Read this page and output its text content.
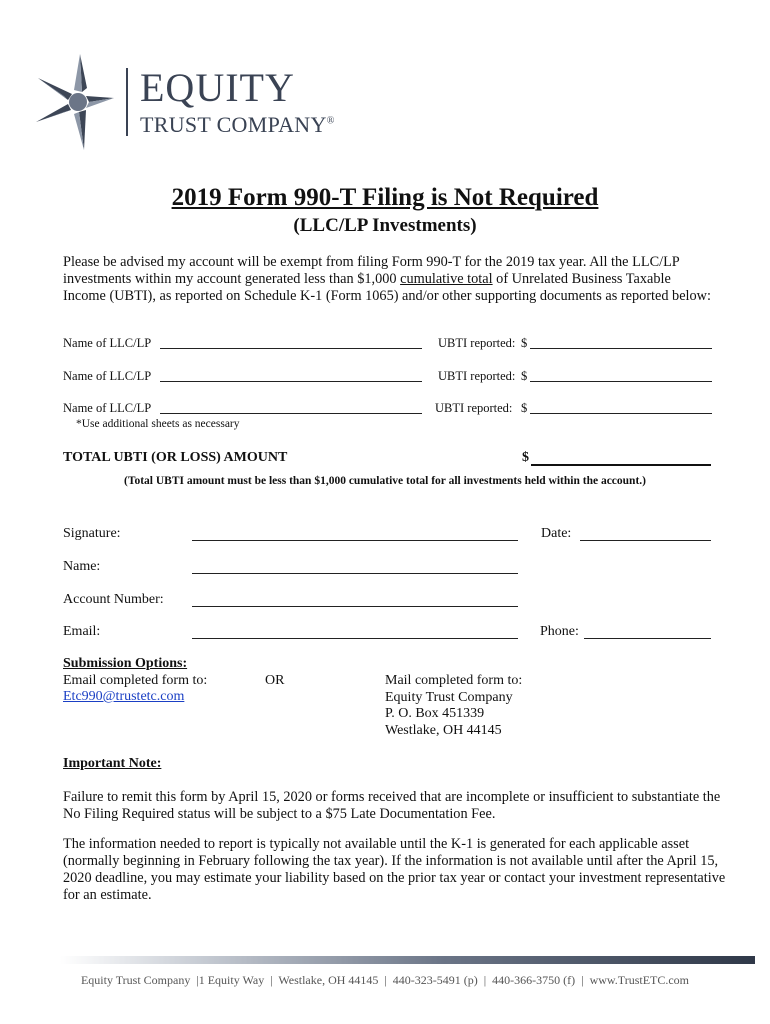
EQUITY
TRUST COMPANY®
2019 Form 990-T Filing is Not Required
(LLC/LP Investments)
Please be advised my account will be exempt from filing Form 990-T for the 2019 tax year. All the LLC/LP investments within my account generated less than $1,000 cumulative total of Unrelated Business Taxable Income (UBTI), as reported on Schedule K-1 (Form 1065) and/or other supporting documents as reported below:
Name of LLC/LP	UBTI reported: $
Name of LLC/LP	UBTI reported: $
Name of LLC/LP	UBTI reported: $
*Use additional sheets as necessary
TOTAL UBTI (OR LOSS) AMOUNT	$
(Total UBTI amount must be less than $1,000 cumulative total for all investments held within the account.)
Signature:	Date:
Name:
Account Number:
Email:	Phone:
Submission Options:
Email completed form to:
Etc990@trustetc.com
OR	Mail completed form to:
Equity Trust Company
P. O. Box 451339
Westlake, OH 44145
Important Note:
Failure to remit this form by April 15, 2020 or forms received that are incomplete or insufficient to substantiate the No Filing Required status will be subject to a $75 Late Documentation Fee.
The information needed to report is typically not available until the K-1 is generated for each applicable asset (normally beginning in February following the tax year). If the information is not available until after the April 15, 2020 deadline, you may estimate your liability based on the prior tax year or contact your investment representative for an estimate.
Equity Trust Company  |1 Equity Way  |  Westlake, OH 44145  |  440-323-5491 (p)  |  440-366-3750 (f)  |  www.TrustETC.com
